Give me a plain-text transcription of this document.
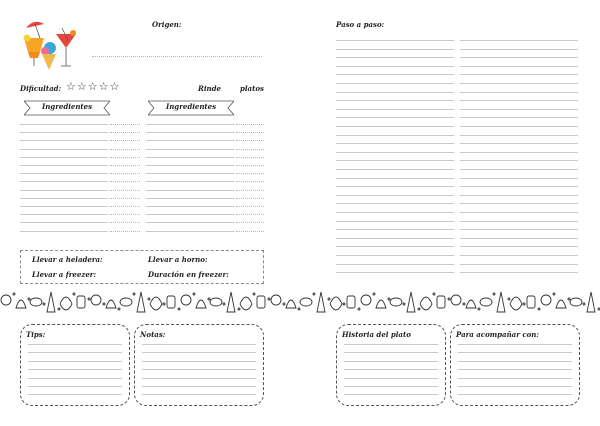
Origen:
Dificultad: ☆☆☆☆☆	Rinde	platos
Ingredientes	Ingredientes
Llevar a heladera:	Llevar a horno:
Llevar a freezer:	Duración en freezer:
Paso a paso:
Tips:	Notas:	Historia del plato	Para acompañar con:
